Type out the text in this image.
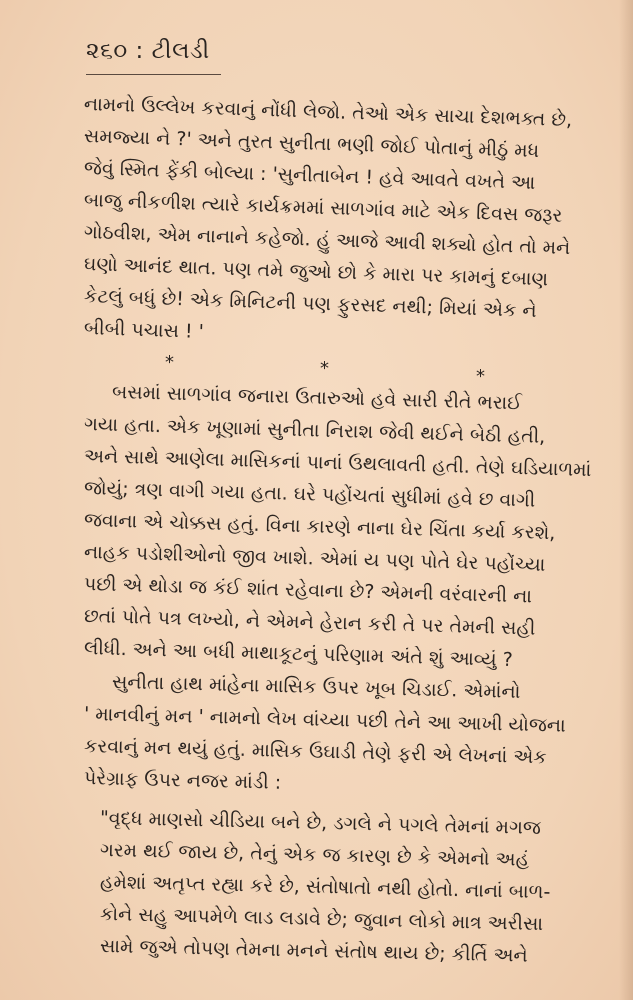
૨૬૦ : ટીલડી
નામનો ઉલ્લેખ કરવાનું નોંધી લેજો. તેઓ એક સાચા દેશભક્ત છે,
સમજ્યા ને ?' અને તુરત સુનીતા ભણી જોઈ પોતાનું મીઠું મધ
જેવું સ્મિત ફેંકી બોલ્યા : 'સુનીતાબેન ! હવે આવતે વખતે આ
બાજુ નીકળીશ ત્યારે કાર્યક્રમમાં સાળગાંવ માટે એક દિવસ જરૂર
ગોઠવીશ, એમ નાનાને કહેજો. હું આજે આવી શક્યો હોત તો મને
ઘણો આનંદ થાત. પણ તમે જુઓ છો કે મારા પર કામનું દબાણ
કેટલું બધું છે! એક મિનિટની પણ ફુરસદ નથી; મિયાં એક ને
બીબી પચાસ ! '
*	*	*
બસમાં સાળગાંવ જનારા ઉતારુઓ હવે સારી રીતે ભરાઈ
ગયા હતા. એક ખૂણામાં સુનીતા નિરાશ જેવી થઈને બેઠી હતી,
અને સાથે આણેલા માસિકનાં પાનાં ઉથલાવતી હતી. તેણે ઘડિયાળમાં
જોયું; ત્રણ વાગી ગયા હતા. ઘરે પહોંચતાં સુધીમાં હવે છ વાગી
જવાના એ ચોક્કસ હતું. વિના કારણે નાના ઘેર ચિંતા કર્યા કરશે,
નાહક પડોશીઓનો જીવ ખાશે. એમાં ય પણ પોતે ઘેર પહોંચ્યા
પછી એ થોડા જ કંઈ શાંત રહેવાના છે? એમની વરંવારની ના
છતાં પોતે પત્ર લખ્યો, ને એમને હેરાન કરી તે પર તેમની સહી
લીધી. અને આ બધી માથાકૂટનું પરિણામ અંતે શું આવ્યું ?
સુનીતા હાથ માંહેના માસિક ઉપર ખૂબ ચિડાઈ. એમાંનો
' માનવીનું મન ' નામનો લેખ વાંચ્યા પછી તેને આ આખી યોજના
કરવાનું મન થયું હતું. માસિક ઉઘાડી તેણે ફરી એ લેખનાં એક
પેરેગ્રાફ ઉપર નજર માંડી :
"વૃદ્ધ માણસો ચીડિયા બને છે, ડગલે ને પગલે તેમનાં મગજ
ગરમ થઈ જાય છે, તેનું એક જ કારણ છે કે એમનો અહં
હમેશાં અતૃપ્ત રહ્યા કરે છે, સંતોષાતો નથી હોતો. નાનાં બાળ-
કોને સહુ આપમેળે લાડ લડાવે છે; જુવાન લોકો માત્ર અરીસા
સામે જુએ તોપણ તેમના મનને સંતોષ થાય છે; કીર્તિ અને
